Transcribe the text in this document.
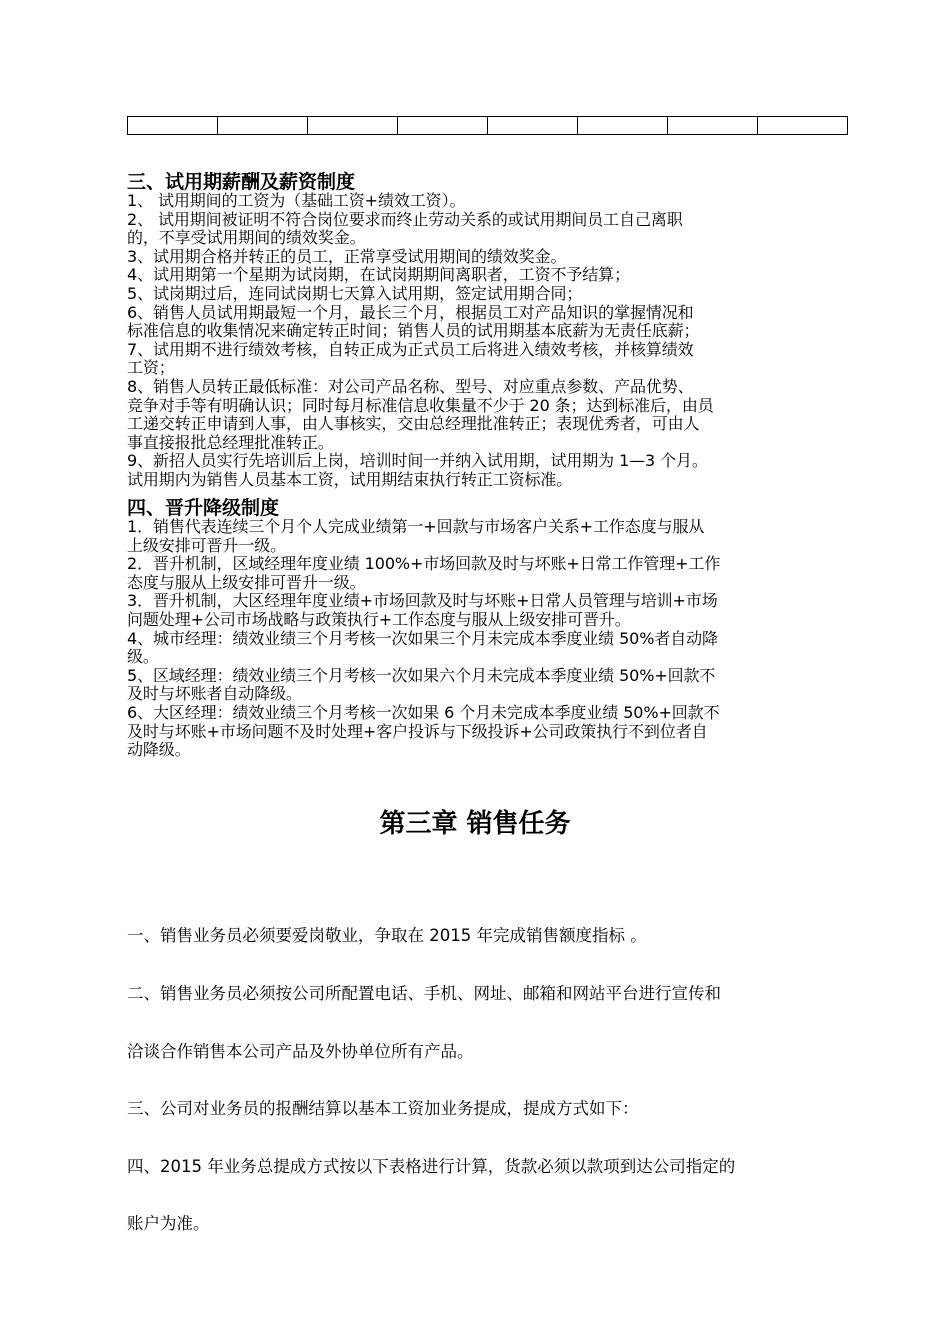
三、试用期薪酬及薪资制度
1、 试用期间的工资为（基础工资+绩效工资）。
2、 试用期间被证明不符合岗位要求而终止劳动关系的或试用期间员工自己离职
的，不享受试用期间的绩效奖金。
3、试用期合格并转正的员工，正常享受试用期间的绩效奖金。
4、试用期第一个星期为试岗期，在试岗期期间离职者，工资不予结算；
5、试岗期过后，连同试岗期七天算入试用期，签定试用期合同；
6、销售人员试用期最短一个月，最长三个月，根据员工对产品知识的掌握情况和
标准信息的收集情况来确定转正时间；销售人员的试用期基本底薪为无责任底薪；
7、试用期不进行绩效考核，自转正成为正式员工后将进入绩效考核，并核算绩效
工资；
8、销售人员转正最低标准：对公司产品名称、型号、对应重点参数、产品优势、
竞争对手等有明确认识；同时每月标准信息收集量不少于 20 条；达到标准后，由员
工递交转正申请到人事，由人事核实，交由总经理批准转正；表现优秀者，可由人
事直接报批总经理批准转正。
9、新招人员实行先培训后上岗，培训时间一并纳入试用期，试用期为 1—3 个月。
试用期内为销售人员基本工资，试用期结束执行转正工资标准。
四、晋升降级制度
1．销售代表连续三个月个人完成业绩第一+回款与市场客户关系+工作态度与服从
上级安排可晋升一级。
2．晋升机制，区域经理年度业绩 100%+市场回款及时与坏账+日常工作管理+工作
态度与服从上级安排可晋升一级。
3．晋升机制，大区经理年度业绩+市场回款及时与坏账+日常人员管理与培训+市场
问题处理+公司市场战略与政策执行+工作态度与服从上级安排可晋升。
4、城市经理：绩效业绩三个月考核一次如果三个月未完成本季度业绩 50%者自动降
级。
5、区域经理：绩效业绩三个月考核一次如果六个月未完成本季度业绩 50%+回款不
及时与坏账者自动降级。
6、大区经理：绩效业绩三个月考核一次如果 6 个月未完成本季度业绩 50%+回款不
及时与坏账+市场问题不及时处理+客户投诉与下级投诉+公司政策执行不到位者自
动降级。
第三章 销售任务
一、销售业务员必须要爱岗敬业，争取在 2015 年完成销售额度指标 。
二、销售业务员必须按公司所配置电话、手机、网址、邮箱和网站平台进行宣传和
洽谈合作销售本公司产品及外协单位所有产品。
三、公司对业务员的报酬结算以基本工资加业务提成，提成方式如下：
四、2015 年业务总提成方式按以下表格进行计算，货款必须以款项到达公司指定的
账户为准。
